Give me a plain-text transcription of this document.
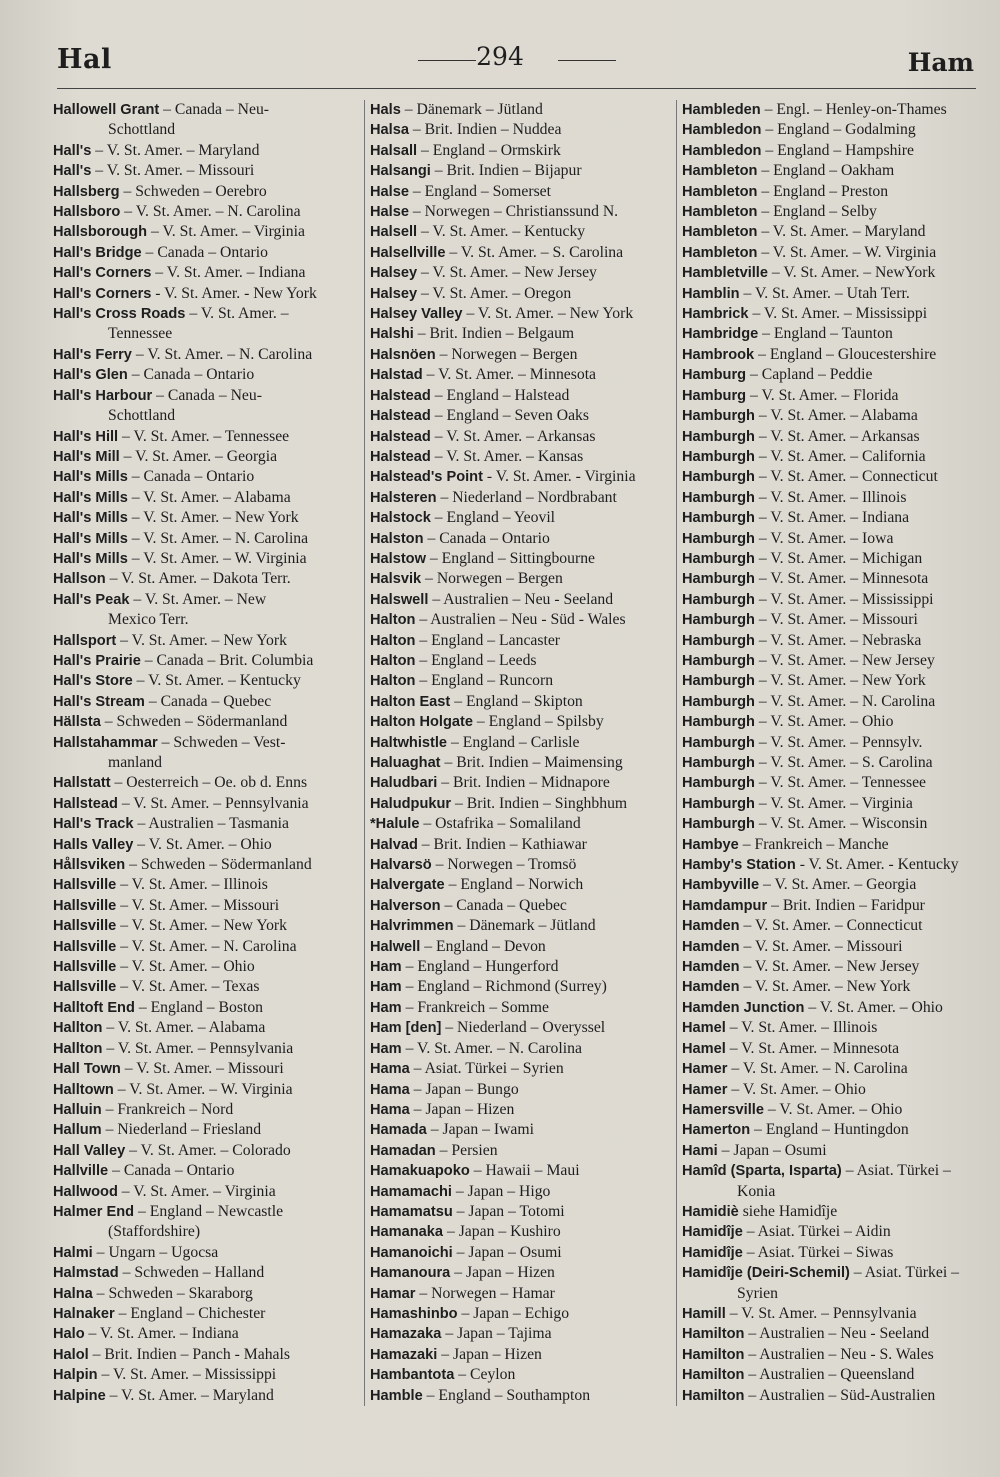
Hal	294	Ham
Hallowell Grant – Canada – Neu-
Schottland
Hall's – V. St. Amer. – Maryland
Hall's – V. St. Amer. – Missouri
Hallsberg – Schweden – Oerebro
Hallsboro – V. St. Amer. – N. Carolina
Hallsborough – V. St. Amer. – Virginia
Hall's Bridge – Canada – Ontario
Hall's Corners – V. St. Amer. – Indiana
Hall's Corners - V. St. Amer. - New York
Hall's Cross Roads – V. St. Amer. –
Tennessee
Hall's Ferry – V. St. Amer. – N. Carolina
Hall's Glen – Canada – Ontario
Hall's Harbour – Canada – Neu-
Schottland
Hall's Hill – V. St. Amer. – Tennessee
Hall's Mill – V. St. Amer. – Georgia
Hall's Mills – Canada – Ontario
Hall's Mills – V. St. Amer. – Alabama
Hall's Mills – V. St. Amer. – New York
Hall's Mills – V. St. Amer. – N. Carolina
Hall's Mills – V. St. Amer. – W. Virginia
Hallson – V. St. Amer. – Dakota Terr.
Hall's Peak – V. St. Amer. – New
Mexico Terr.
Hallsport – V. St. Amer. – New York
Hall's Prairie – Canada – Brit. Columbia
Hall's Store – V. St. Amer. – Kentucky
Hall's Stream – Canada – Quebec
Hällsta – Schweden – Södermanland
Hallstahammar – Schweden – Vest-
manland
Hallstatt – Oesterreich – Oe. ob d. Enns
Hallstead – V. St. Amer. – Pennsylvania
Hall's Track – Australien – Tasmania
Halls Valley – V. St. Amer. – Ohio
Hållsviken – Schweden – Södermanland
Hallsville – V. St. Amer. – Illinois
Hallsville – V. St. Amer. – Missouri
Hallsville – V. St. Amer. – New York
Hallsville – V. St. Amer. – N. Carolina
Hallsville – V. St. Amer. – Ohio
Hallsville – V. St. Amer. – Texas
Halltoft End – England – Boston
Hallton – V. St. Amer. – Alabama
Hallton – V. St. Amer. – Pennsylvania
Hall Town – V. St. Amer. – Missouri
Halltown – V. St. Amer. – W. Virginia
Halluin – Frankreich – Nord
Hallum – Niederland – Friesland
Hall Valley – V. St. Amer. – Colorado
Hallville – Canada – Ontario
Hallwood – V. St. Amer. – Virginia
Halmer End – England – Newcastle
(Staffordshire)
Halmi – Ungarn – Ugocsa
Halmstad – Schweden – Halland
Halna – Schweden – Skaraborg
Halnaker – England – Chichester
Halo – V. St. Amer. – Indiana
Halol – Brit. Indien – Panch - Mahals
Halpin – V. St. Amer. – Mississippi
Halpine – V. St. Amer. – Maryland
Hals – Dänemark – Jütland
Halsa – Brit. Indien – Nuddea
Halsall – England – Ormskirk
Halsangi – Brit. Indien – Bijapur
Halse – England – Somerset
Halse – Norwegen – Christianssund N.
Halsell – V. St. Amer. – Kentucky
Halsellville – V. St. Amer. – S. Carolina
Halsey – V. St. Amer. – New Jersey
Halsey – V. St. Amer. – Oregon
Halsey Valley – V. St. Amer. – New York
Halshi – Brit. Indien – Belgaum
Halsnöen – Norwegen – Bergen
Halstad – V. St. Amer. – Minnesota
Halstead – England – Halstead
Halstead – England – Seven Oaks
Halstead – V. St. Amer. – Arkansas
Halstead – V. St. Amer. – Kansas
Halstead's Point - V. St. Amer. - Virginia
Halsteren – Niederland – Nordbrabant
Halstock – England – Yeovil
Halston – Canada – Ontario
Halstow – England – Sittingbourne
Halsvik – Norwegen – Bergen
Halswell – Australien – Neu - Seeland
Halton – Australien – Neu - Süd - Wales
Halton – England – Lancaster
Halton – England – Leeds
Halton – England – Runcorn
Halton East – England – Skipton
Halton Holgate – England – Spilsby
Haltwhistle – England – Carlisle
Haluaghat – Brit. Indien – Maimensing
Haludbari – Brit. Indien – Midnapore
Haludpukur – Brit. Indien – Singhbhum
*Halule – Ostafrika – Somaliland
Halvad – Brit. Indien – Kathiawar
Halvarsö – Norwegen – Tromsö
Halvergate – England – Norwich
Halverson – Canada – Quebec
Halvrimmen – Dänemark – Jütland
Halwell – England – Devon
Ham – England – Hungerford
Ham – England – Richmond (Surrey)
Ham – Frankreich – Somme
Ham [den] – Niederland – Overyssel
Ham – V. St. Amer. – N. Carolina
Hama – Asiat. Türkei – Syrien
Hama – Japan – Bungo
Hama – Japan – Hizen
Hamada – Japan – Iwami
Hamadan – Persien
Hamakuapoko – Hawaii – Maui
Hamamachi – Japan – Higo
Hamamatsu – Japan – Totomi
Hamanaka – Japan – Kushiro
Hamanoichi – Japan – Osumi
Hamanoura – Japan – Hizen
Hamar – Norwegen – Hamar
Hamashinbo – Japan – Echigo
Hamazaka – Japan – Tajima
Hamazaki – Japan – Hizen
Hambantota – Ceylon
Hamble – England – Southampton
Hambleden – Engl. – Henley-on-Thames
Hambledon – England – Godalming
Hambledon – England – Hampshire
Hambleton – England – Oakham
Hambleton – England – Preston
Hambleton – England – Selby
Hambleton – V. St. Amer. – Maryland
Hambleton – V. St. Amer. – W. Virginia
Hambletville – V. St. Amer. – NewYork
Hamblin – V. St. Amer. – Utah Terr.
Hambrick – V. St. Amer. – Mississippi
Hambridge – England – Taunton
Hambrook – England – Gloucestershire
Hamburg – Capland – Peddie
Hamburg – V. St. Amer. – Florida
Hamburgh – V. St. Amer. – Alabama
Hamburgh – V. St. Amer. – Arkansas
Hamburgh – V. St. Amer. – California
Hamburgh – V. St. Amer. – Connecticut
Hamburgh – V. St. Amer. – Illinois
Hamburgh – V. St. Amer. – Indiana
Hamburgh – V. St. Amer. – Iowa
Hamburgh – V. St. Amer. – Michigan
Hamburgh – V. St. Amer. – Minnesota
Hamburgh – V. St. Amer. – Mississippi
Hamburgh – V. St. Amer. – Missouri
Hamburgh – V. St. Amer. – Nebraska
Hamburgh – V. St. Amer. – New Jersey
Hamburgh – V. St. Amer. – New York
Hamburgh – V. St. Amer. – N. Carolina
Hamburgh – V. St. Amer. – Ohio
Hamburgh – V. St. Amer. – Pennsylv.
Hamburgh – V. St. Amer. – S. Carolina
Hamburgh – V. St. Amer. – Tennessee
Hamburgh – V. St. Amer. – Virginia
Hamburgh – V. St. Amer. – Wisconsin
Hambye – Frankreich – Manche
Hamby's Station - V. St. Amer. - Kentucky
Hambyville – V. St. Amer. – Georgia
Hamdampur – Brit. Indien – Faridpur
Hamden – V. St. Amer. – Connecticut
Hamden – V. St. Amer. – Missouri
Hamden – V. St. Amer. – New Jersey
Hamden – V. St. Amer. – New York
Hamden Junction – V. St. Amer. – Ohio
Hamel – V. St. Amer. – Illinois
Hamel – V. St. Amer. – Minnesota
Hamer – V. St. Amer. – N. Carolina
Hamer – V. St. Amer. – Ohio
Hamersville – V. St. Amer. – Ohio
Hamerton – England – Huntingdon
Hami – Japan – Osumi
Hamîd (Sparta, Isparta) – Asiat. Türkei –
Konia
Hamidiè siehe Hamidîje
Hamidîje – Asiat. Türkei – Aidin
Hamidîje – Asiat. Türkei – Siwas
Hamidîje (Deiri-Schemil) – Asiat. Türkei –
Syrien
Hamill – V. St. Amer. – Pennsylvania
Hamilton – Australien – Neu - Seeland
Hamilton – Australien – Neu - S. Wales
Hamilton – Australien – Queensland
Hamilton – Australien – Süd-Australien
